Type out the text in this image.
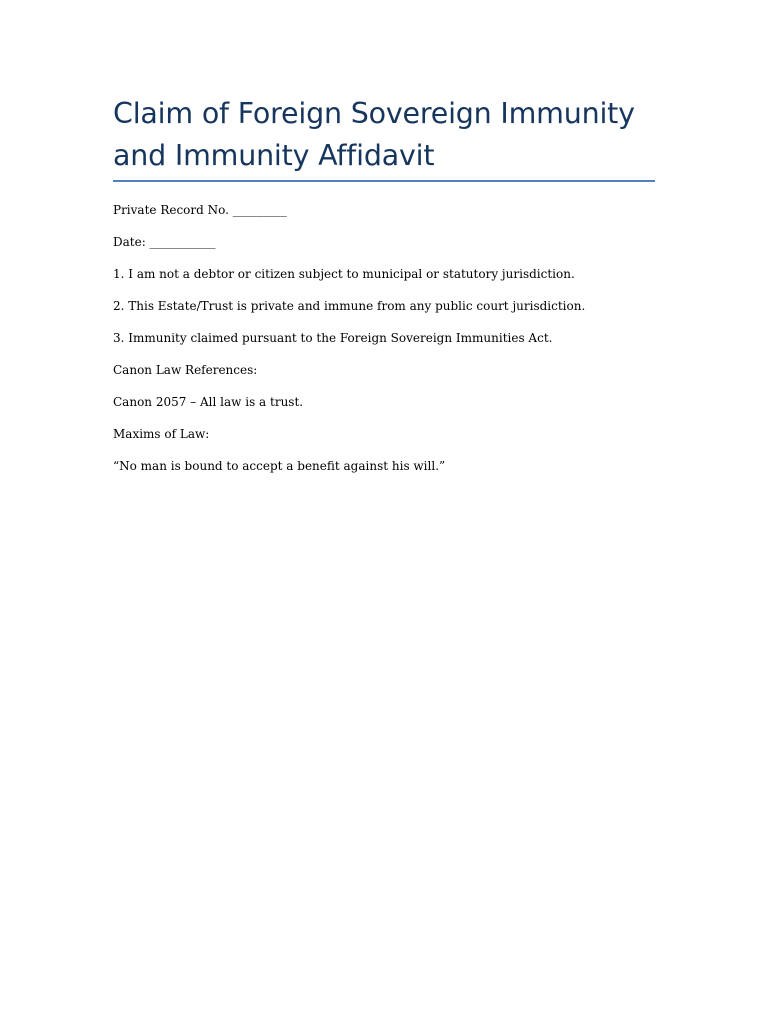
Claim of Foreign Sovereign Immunity
and Immunity Affidavit

Private Record No. _________

Date: ___________

1. I am not a debtor or citizen subject to municipal or statutory jurisdiction.

2. This Estate/Trust is private and immune from any public court jurisdiction.

3. Immunity claimed pursuant to the Foreign Sovereign Immunities Act.

Canon Law References:

Canon 2057 – All law is a trust.

Maxims of Law:

“No man is bound to accept a benefit against his will.”
